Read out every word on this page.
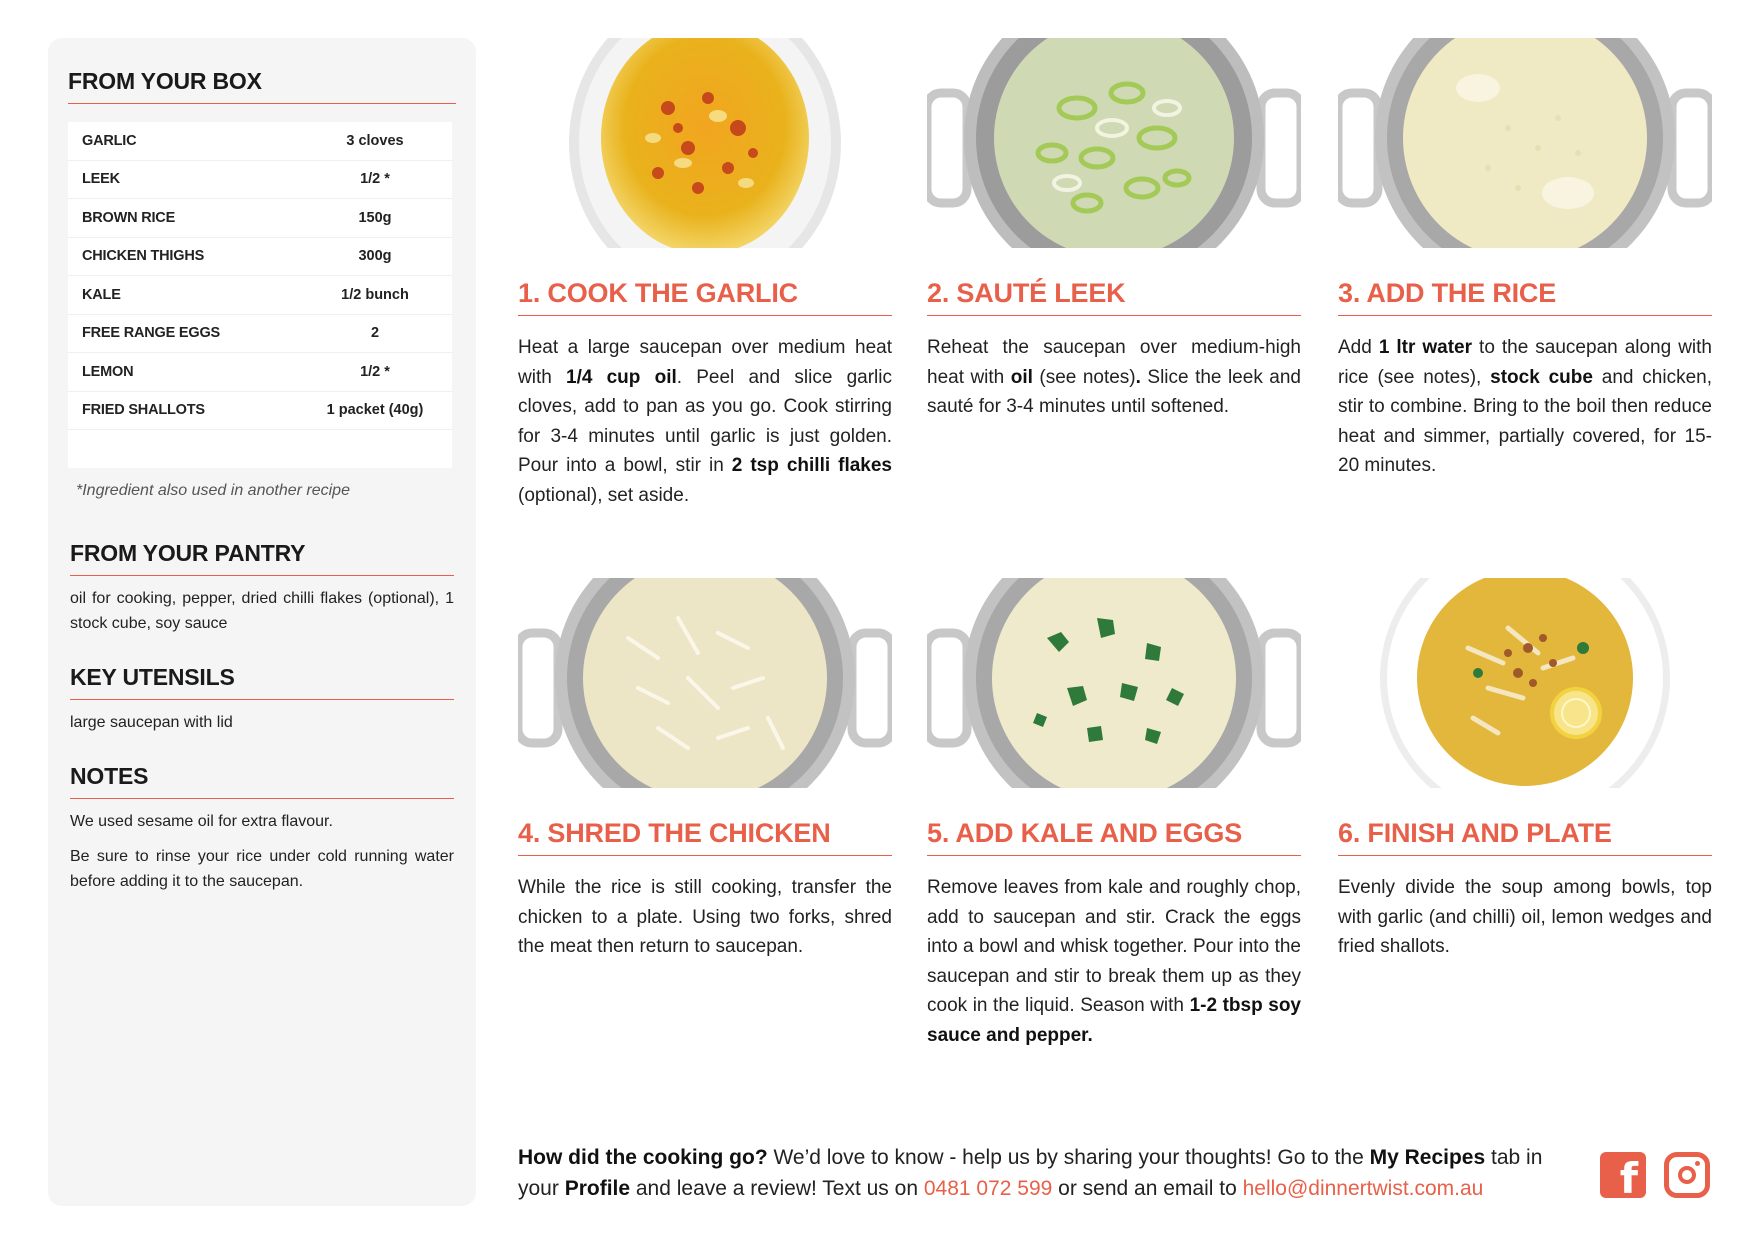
FROM YOUR BOX
GARLIC	3 cloves
LEEK	1/2 *
BROWN RICE	150g
CHICKEN THIGHS	300g
KALE	1/2 bunch
FREE RANGE EGGS	2
LEMON	1/2 *
FRIED SHALLOTS	1 packet (40g)
*Ingredient also used in another recipe
FROM YOUR PANTRY
oil for cooking, pepper, dried chilli flakes (optional), 1 stock cube, soy sauce
KEY UTENSILS
large saucepan with lid
NOTES
We used sesame oil for extra flavour.
Be sure to rinse your rice under cold running water before adding it to the saucepan.
1. COOK THE GARLIC
Heat a large saucepan over medium heat with 1/4 cup oil. Peel and slice garlic cloves, add to pan as you go. Cook stirring for 3-4 minutes until garlic is just golden. Pour into a bowl, stir in 2 tsp chilli flakes (optional), set aside.
2. SAUTÉ LEEK
Reheat the saucepan over medium-high heat with oil (see notes). Slice the leek and sauté for 3-4 minutes until softened.
3. ADD THE RICE
Add 1 ltr water to the saucepan along with rice (see notes), stock cube and chicken, stir to combine. Bring to the boil then reduce heat and simmer, partially covered, for 15-20 minutes.
4. SHRED THE CHICKEN
While the rice is still cooking, transfer the chicken to a plate. Using two forks, shred the meat then return to saucepan.
5. ADD KALE AND EGGS
Remove leaves from kale and roughly chop, add to saucepan and stir. Crack the eggs into a bowl and whisk together. Pour into the saucepan and stir to break them up as they cook in the liquid. Season with 1-2 tbsp soy sauce and pepper.
6. FINISH AND PLATE
Evenly divide the soup among bowls, top with garlic (and chilli) oil, lemon wedges and fried shallots.
How did the cooking go? We’d love to know - help us by sharing your thoughts! Go to the My Recipes tab in your Profile and leave a review! Text us on 0481 072 599 or send an email to hello@dinnertwist.com.au	f
